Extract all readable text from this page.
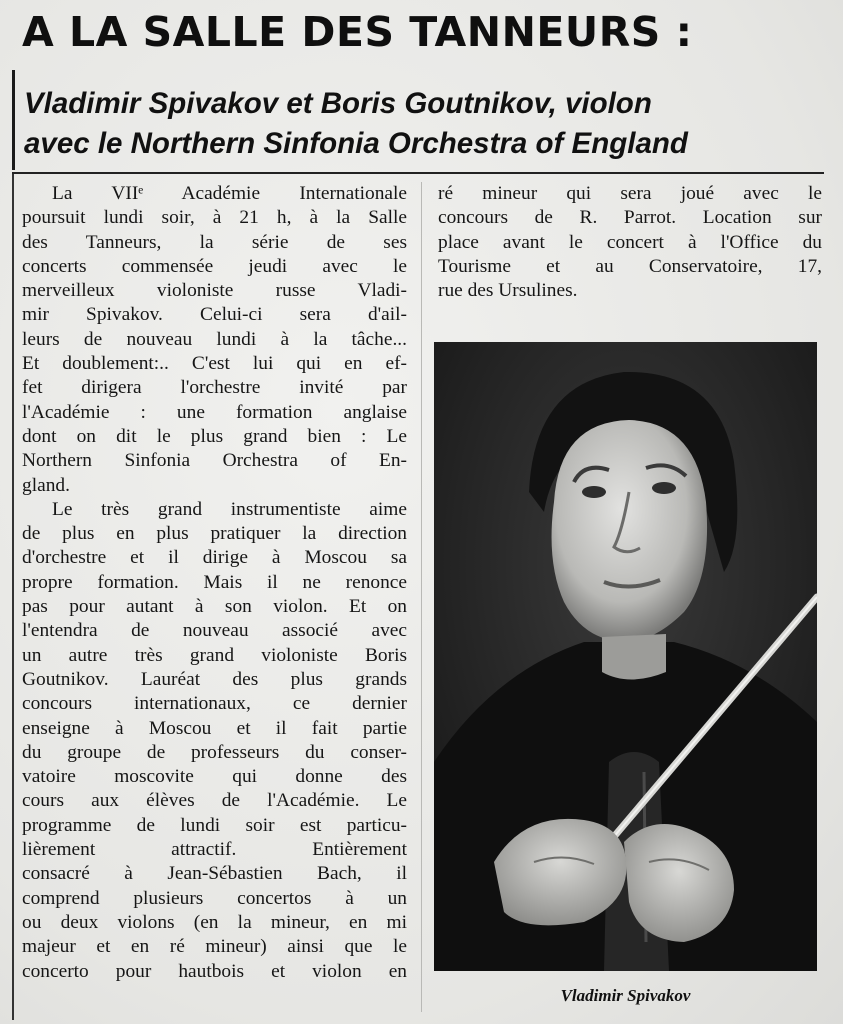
A LA SALLE DES TANNEURS :
Vladimir Spivakov et Boris Goutnikov, violon
avec le Northern Sinfonia Orchestra of England
La VIIᵉ Académie Internationale
poursuit lundi soir, à 21 h, à la Salle
des Tanneurs, la série de ses
concerts commensée jeudi avec le
merveilleux violoniste russe Vladi-
mir Spivakov. Celui-ci sera d'ail-
leurs de nouveau lundi à la tâche...
Et doublement:.. C'est lui qui en ef-
fet dirigera l'orchestre invité par
l'Académie : une formation anglaise
dont on dit le plus grand bien : Le
Northern Sinfonia Orchestra of En-
gland.
Le très grand instrumentiste aime
de plus en plus pratiquer la direction
d'orchestre et il dirige à Moscou sa
propre formation. Mais il ne renonce
pas pour autant à son violon. Et on
l'entendra de nouveau associé avec
un autre très grand violoniste Boris
Goutnikov. Lauréat des plus grands
concours internationaux, ce dernier
enseigne à Moscou et il fait partie
du groupe de professeurs du conser-
vatoire moscovite qui donne des
cours aux élèves de l'Académie. Le
programme de lundi soir est particu-
lièrement attractif. Entièrement
consacré à Jean-Sébastien Bach, il
comprend plusieurs concertos à un
ou deux violons (en la mineur, en mi
majeur et en ré mineur) ainsi que le
concerto pour hautbois et violon en
ré mineur qui sera joué avec le
concours de R. Parrot. Location sur
place avant le concert à l'Office du
Tourisme et au Conservatoire, 17,
rue des Ursulines.
Vladimir Spivakov
